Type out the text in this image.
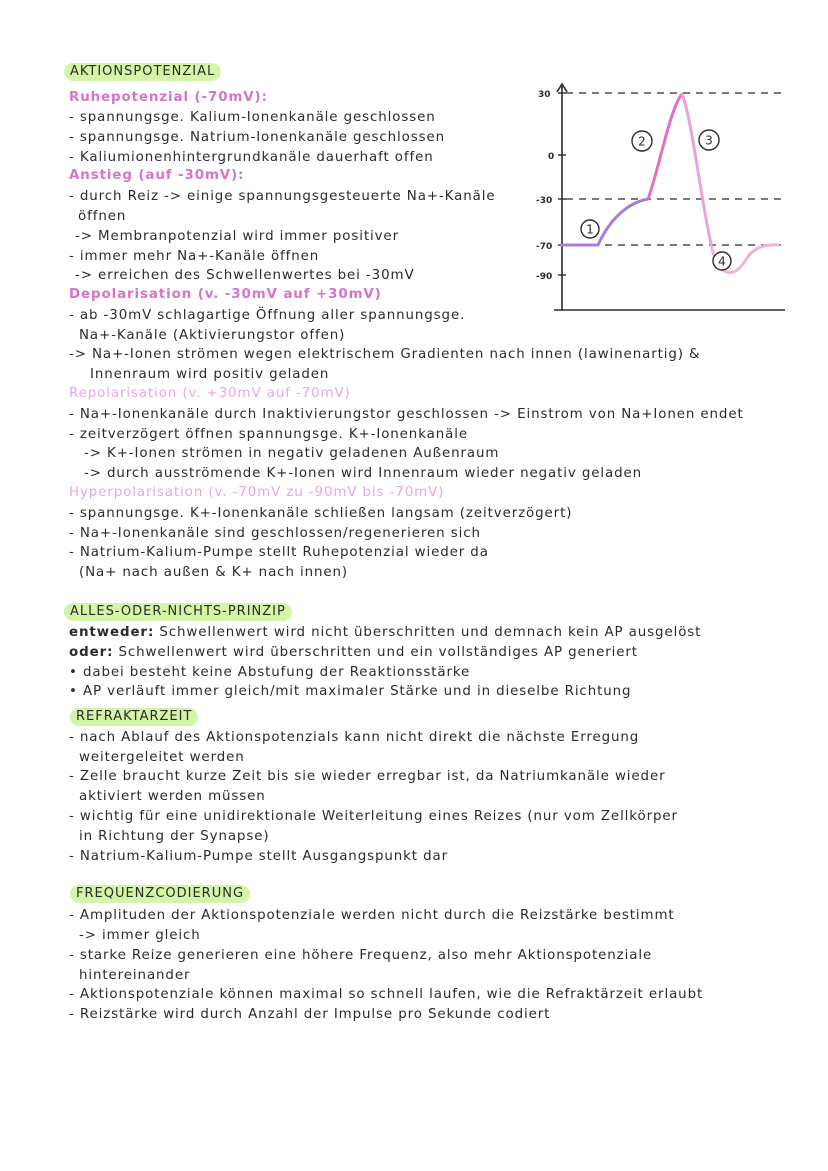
AKTIONSPOTENZIAL
Ruhepotenzial (-70mV):
- spannungsge. Kalium-Ionenkanäle geschlossen
- spannungsge. Natrium-Ionenkanäle geschlossen
- Kaliumionenhintergrundkanäle dauerhaft offen
Anstieg (auf -30mV):
- durch Reiz -> einige spannungsgesteuerte Na+-Kanäle
öffnen
-> Membranpotenzial wird immer positiver
- immer mehr Na+-Kanäle öffnen
-> erreichen des Schwellenwertes bei -30mV
Depolarisation (v. -30mV auf +30mV)
- ab -30mV schlagartige Öffnung aller spannungsge.
Na+-Kanäle (Aktivierungstor offen)
-> Na+-Ionen strömen wegen elektrischem Gradienten nach innen (lawinenartig) &
Innenraum wird positiv geladen
Repolarisation (v. +30mV auf -70mV)
- Na+-Ionenkanäle durch Inaktivierungstor geschlossen -> Einstrom von Na+Ionen endet
- zeitverzögert öffnen spannungsge. K+-Ionenkanäle
-> K+-Ionen strömen in negativ geladenen Außenraum
-> durch ausströmende K+-Ionen wird Innenraum wieder negativ geladen
Hyperpolarisation (v. -70mV zu -90mV bis -70mV)
- spannungsge. K+-Ionenkanäle schließen langsam (zeitverzögert)
- Na+-Ionenkanäle sind geschlossen/regenerieren sich
- Natrium-Kalium-Pumpe stellt Ruhepotenzial wieder da
(Na+ nach außen & K+ nach innen)
ALLES-ODER-NICHTS-PRINZIP
entweder: Schwellenwert wird nicht überschritten und demnach kein AP ausgelöst
oder: Schwellenwert wird überschritten und ein vollständiges AP generiert
• dabei besteht keine Abstufung der Reaktionsstärke
• AP verläuft immer gleich/mit maximaler Stärke und in dieselbe Richtung
REFRAKTARZEIT
- nach Ablauf des Aktionspotenzials kann nicht direkt die nächste Erregung
weitergeleitet werden
- Zelle braucht kurze Zeit bis sie wieder erregbar ist, da Natriumkanäle wieder
aktiviert werden müssen
- wichtig für eine unidirektionale Weiterleitung eines Reizes (nur vom Zellkörper
in Richtung der Synapse)
- Natrium-Kalium-Pumpe stellt Ausgangspunkt dar
FREQUENZCODIERUNG
- Amplituden der Aktionspotenziale werden nicht durch die Reizstärke bestimmt
-> immer gleich
- starke Reize generieren eine höhere Frequenz, also mehr Aktionspotenziale
hintereinander
- Aktionspotenziale können maximal so schnell laufen, wie die Refraktärzeit erlaubt
- Reizstärke wird durch Anzahl der Impulse pro Sekunde codiert
30
0
-30
-70
-90
1
2	3
4
